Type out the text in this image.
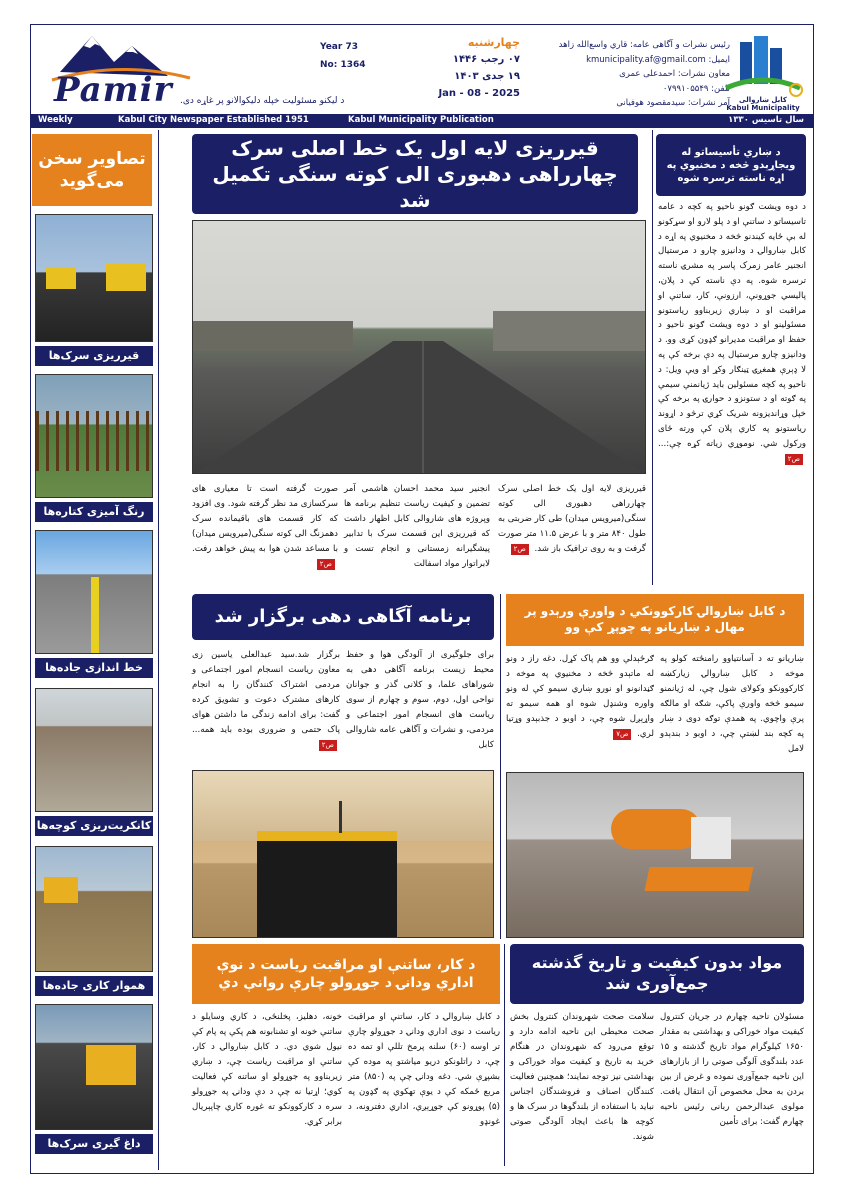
Pamir
Year 73
No: 1364
چهارشنبه
۰۷ رجب ۱۴۴۶
۱۹ جدی ۱۴۰۳
Jan - 08 - 2025
د لیکنو مسئولیت خپله دلیکوالانو پر غاړه دی.
رئیس نشرات و آگاهی عامه: قاري واسع‌الله زاهد
ایمیل: kmunicipality.af@gmail.com
معاون نشرات: احمدعلی عمری
تلفن: ۰۷۹۹۱۰۵۵۴۹
آمر نشرات: سیدمقصود هوفیانی	کابل ښاروالی
Kabul Municipality
Weekly	Kabul City Newspaper Established 1951	Kabul Municipality Publication	سال تاسیس ۱۳۳۰
تصاویر سخن می‌گوید
قیرریزی سرک‌ها
رنگ آمیزی کتاره‌ها
خط اندازی جاده‌ها
کانکریت‌ریزی کوچه‌ها
هموار کاری جاده‌ها
داغ گیری سرک‌ها
قیرریزی لایه اول یک خط اصلی سرک چهارراهی دهبوری الی کوته سنگی تکمیل شد
قیرریزی لایه اول یک خط اصلی سرک چهارراهی دهبوری الی کوته سنگی(میرویس میدان) طی کار ضربتی به طول ۸۴۰ متر و با عرض ۱۱.۵ متر صورت گرفت و به روی ترافیک باز شد. ص۲
انجنیر سید محمد احسان هاشمی آمر تضمین و کیفیت ریاست تنظیم برنامه ها وپروژه های شاروالی کابل اظهار داشت که قیرریزی این قسمت سرک با تدابیر پیشگیرانه زمستانی و انجام تست و لابراتوار مواد اسفالت
صورت گرفته است تا معیاری های سرکسازی مد نظر گرفته شود. وی افزود که کار قسمت های باقیمانده سرک دهمزنگ الی کوته سنگی(میرویس میدان) با مساعد شدن هوا به پیش خواهد رفت. ص۲
د ښاري تأسیساتو له ویجاړېدو څخه د مخنیوي په اړه ناسته ترسره شوه
د دوه ویشت ګونو ناحیو په کچه د عامه تاسیساتو د ساتنې او د پلو لارو او سړکونو له بې ځایه کیندنو څخه د مخنیوي په اړه د کابل ښاروالۍ د ودانیزو چارو د مرستیال انجنیر عامر زمرک پاسر په مشرۍ ناسته ترسره شوه. په دې ناسته کې د پلان، پالیسي جوړونې، ارزونې، کار، ساتنې او مراقبت او د ښاري زیربناوو ریاستونو مسئولینو او د دوه ویشت ګونو ناحیو د حفظ او مراقبت مدیرانو ګډون کړی وو. د ودانیزو چارو مرستیال په دې برخه کې په لا ډېرې همغږۍ ټینګار وکړ او ویې ویل: د ناحیو په کچه مسئولین باید ژیانمنې سیمې په ګوته او د ستونزو د حوارۍ په برخه کې خپل وړاندیزونه شریک کړي ترڅو د اړوند ریاستونو په کاري پلان کې ورته ځای ورکول شي. نوموړي زیاته کړه چې:... ص۲
برنامه آگاهی دهی برگزار شد
برای جلوگیری از آلودگی هوا و حفظ محیط زیست برنامه آگاهی دهی به شوراهای علما، و کلانی گذر و جوانان نواحی اول، دوم، سوم و چهارم از سوی ریاست های انسجام امور اجتماعی و مردمی، و نشرات و آگاهی عامه شاروالی کابل
برگزار شد.سید عبدالعلی یاسین زی معاون ریاست انسجام امور اجتماعی و مردمی اشتراک کنندگان را به انجام کارهای مشترک دعوت و تشویق کرده گفت: برای ادامه زندگی ما داشتن هوای پاک حتمی و ضروری بوده باید همه... ص۲
د کابل ښاروالۍ کارکوونکي د واورې ورېدو پر مهال د ښاریانو په چوپړ کې وو
ښاریانو ته د آسانتیاوو رامنځته کولو په موخه د کابل ښاروالۍ زیارکښه کارکوونکو وکولای شول چې، له ژیانمنو سیمو څخه واورې پاکې، شګه او مالګه پرې واچوي. په همدې توګه دوی د ښار په کچه بند لښتې چې، د اوبو د بندېدو لامل
ګرځېدلې وو هم پاک کړل. دغه راز د ونو له ماتېدو څخه د مخنیوي په موخه د ګڼدانونو او نورو ښاري سیمو کې له ونو واوره وشنډل شوه او همه سیمو ته واړېږل شوه چې، د اوبو د جذبېدو وړتیا لري. ص۷
د کار، ساتنې او مراقبت ریاست د نوې اداري ودانۍ د جوړولو چارې روانې دي
د کابل ښاروالۍ د کار، ساتنې او مراقبت ریاست د نوی اداري ودانۍ د جوړولو چارې تر اوسه (۶۰) سلنه پرمخ تللې او تمه ده چې، د راتلونکو دریو میاشتو په موده کې بشپړې شي. دغه ودانۍ چې په (۸۵۰) متر مربع ځمکه کې د یوې تهکوي په ګډون په (۵) پوړونو کې جوړېږي، اداري دفترونه، د غونډو
خونه، دهلیز، پخلنځی، د کاري وسایلو د ساتنې خونه او تشنابونه هم پکې په پام کې نیول شوي دي. د کابل ښاروالۍ د کار، ساتنې او مراقبت ریاست چې، د ښاري زیربناوو په جوړولو او ساتنه کې فعالیت کوي؛ اړتیا نه چې د دې ودانۍ په جوړولو سره د کارکوونکو ته غوره کاري چاپېریال برابر کړي.
مواد بدون کیفیت و تاریخ گذشته جمع‌آوری شد
مسئولان ناحیه چهارم در جریان کنترول کیفیت مواد خوراکی و بهداشتی به مقدار ۱۶۵۰ کیلوگرام مواد تاریخ گذشته و ۱۵ عدد بلندگوی آلوگی صوتی را از بازارهای این ناحیه جمع‌آوری نموده و غرض از بین بردن به محل مخصوص آن انتقال یافت. مولوی عبدالرحمن ربانی رئیس ناحیه چهارم گفت: برای تأمین
سلامت صحت شهروندان کنترول بخش صحت محیطی این ناحیه ادامه دارد و توقع می‌رود که شهروندان در هنگام خرید به تاریخ و کیفیت مواد خوراکی و بهداشتی نیز توجه نمایند؛ همچنین فعالیت کنندگان اصناف و فروشندگان اجناس نباید با استفاده از بلندگوها در سرک ها و کوچه ها باعث ایجاد آلودگی صوتی شوند.
